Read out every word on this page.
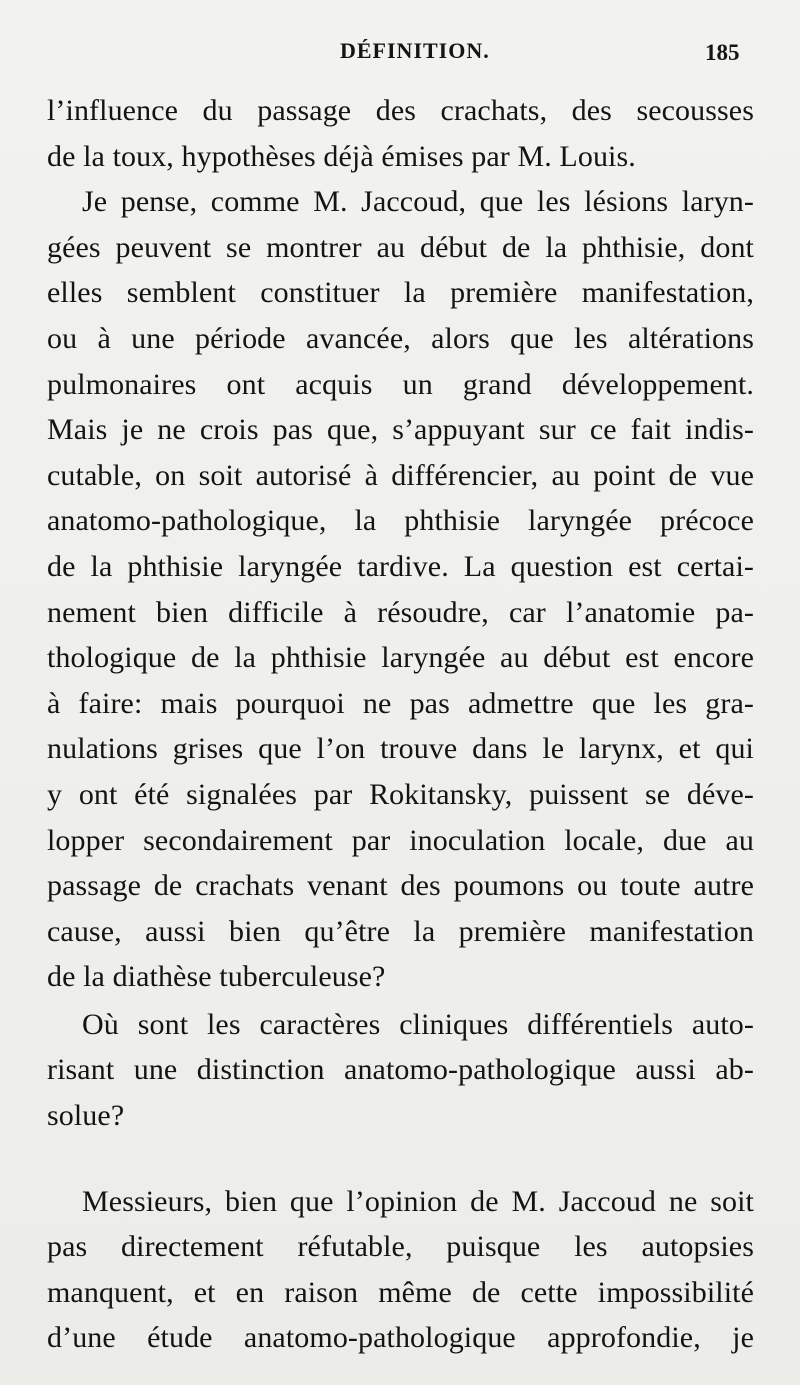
DÉFINITION.	185
l’influence du passage des crachats, des secousses
de la toux, hypothèses déjà émises par M. Louis.
Je pense, comme M. Jaccoud, que les lésions laryn-
gées peuvent se montrer au début de la phthisie, dont
elles semblent constituer la première manifestation,
ou à une période avancée, alors que les altérations
pulmonaires ont acquis un grand développement.
Mais je ne crois pas que, s’appuyant sur ce fait indis-
cutable, on soit autorisé à différencier, au point de vue
anatomo-pathologique, la phthisie laryngée précoce
de la phthisie laryngée tardive. La question est certai-
nement bien difficile à résoudre, car l’anatomie pa-
thologique de la phthisie laryngée au début est encore
à faire: mais pourquoi ne pas admettre que les gra-
nulations grises que l’on trouve dans le larynx, et qui
y ont été signalées par Rokitansky, puissent se déve-
lopper secondairement par inoculation locale, due au
passage de crachats venant des poumons ou toute autre
cause, aussi bien qu’être la première manifestation
de la diathèse tuberculeuse?
Où sont les caractères cliniques différentiels auto-
risant une distinction anatomo-pathologique aussi ab-
solue?
Messieurs, bien que l’opinion de M. Jaccoud ne soit
pas directement réfutable, puisque les autopsies
manquent, et en raison même de cette impossibilité
d’une étude anatomo-pathologique approfondie, je
